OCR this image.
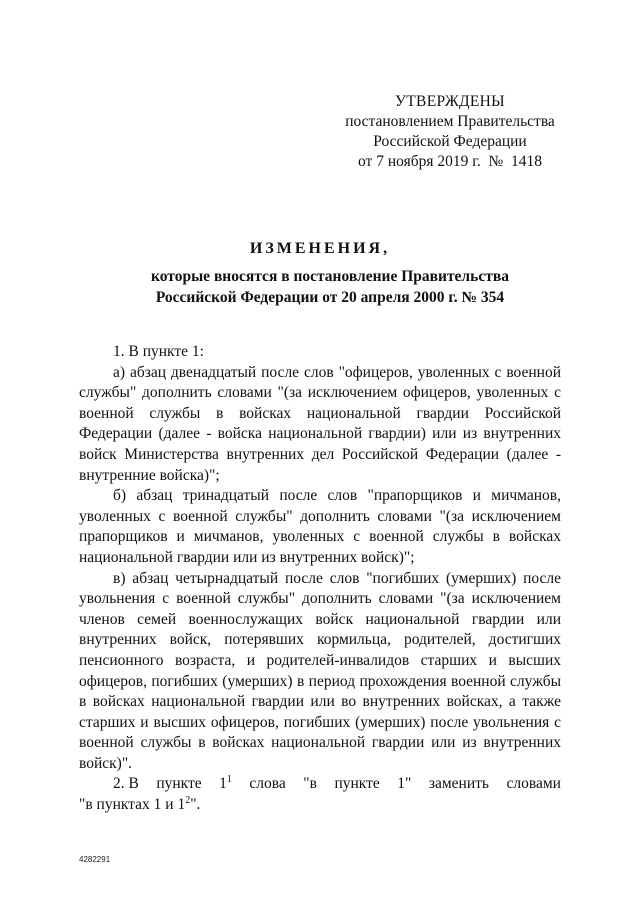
УТВЕРЖДЕНЫ
постановлением Правительства
Российской Федерации
от 7 ноября 2019 г.  №  1418
ИЗМЕНЕНИЯ,
которые вносятся в постановление Правительства
Российской Федерации от 20 апреля 2000 г. № 354

1. В пункте 1:

а) абзац двенадцатый после слов "офицеров, уволенных с военной службы" дополнить словами "(за исключением офицеров, уволенных с военной службы в войсках национальной гвардии Российской Федерации (далее - войска национальной гвардии) или из внутренних войск Министерства внутренних дел Российской Федерации (далее - внутренние войска)";

б) абзац тринадцатый после слов "прапорщиков и мичманов, уволенных с военной службы" дополнить словами "(за исключением прапорщиков и мичманов, уволенных с военной службы в войсках национальной гвардии или из внутренних войск)";

в) абзац четырнадцатый после слов "погибших (умерших) после увольнения с военной службы" дополнить словами "(за исключением членов семей военнослужащих войск национальной гвардии или внутренних войск, потерявших кормильца, родителей, достигших пенсионного возраста, и родителей-инвалидов старших и высших офицеров, погибших (умерших) в период прохождения военной службы в войсках национальной гвардии или во внутренних войсках, а также старших и высших офицеров, погибших (умерших) после увольнения с военной службы в войсках национальной гвардии или из внутренних войск)".

2. В пункте $1^1$ слова "в пункте 1" заменить словами
"в пунктах 1 и $1^2$".
4282291
